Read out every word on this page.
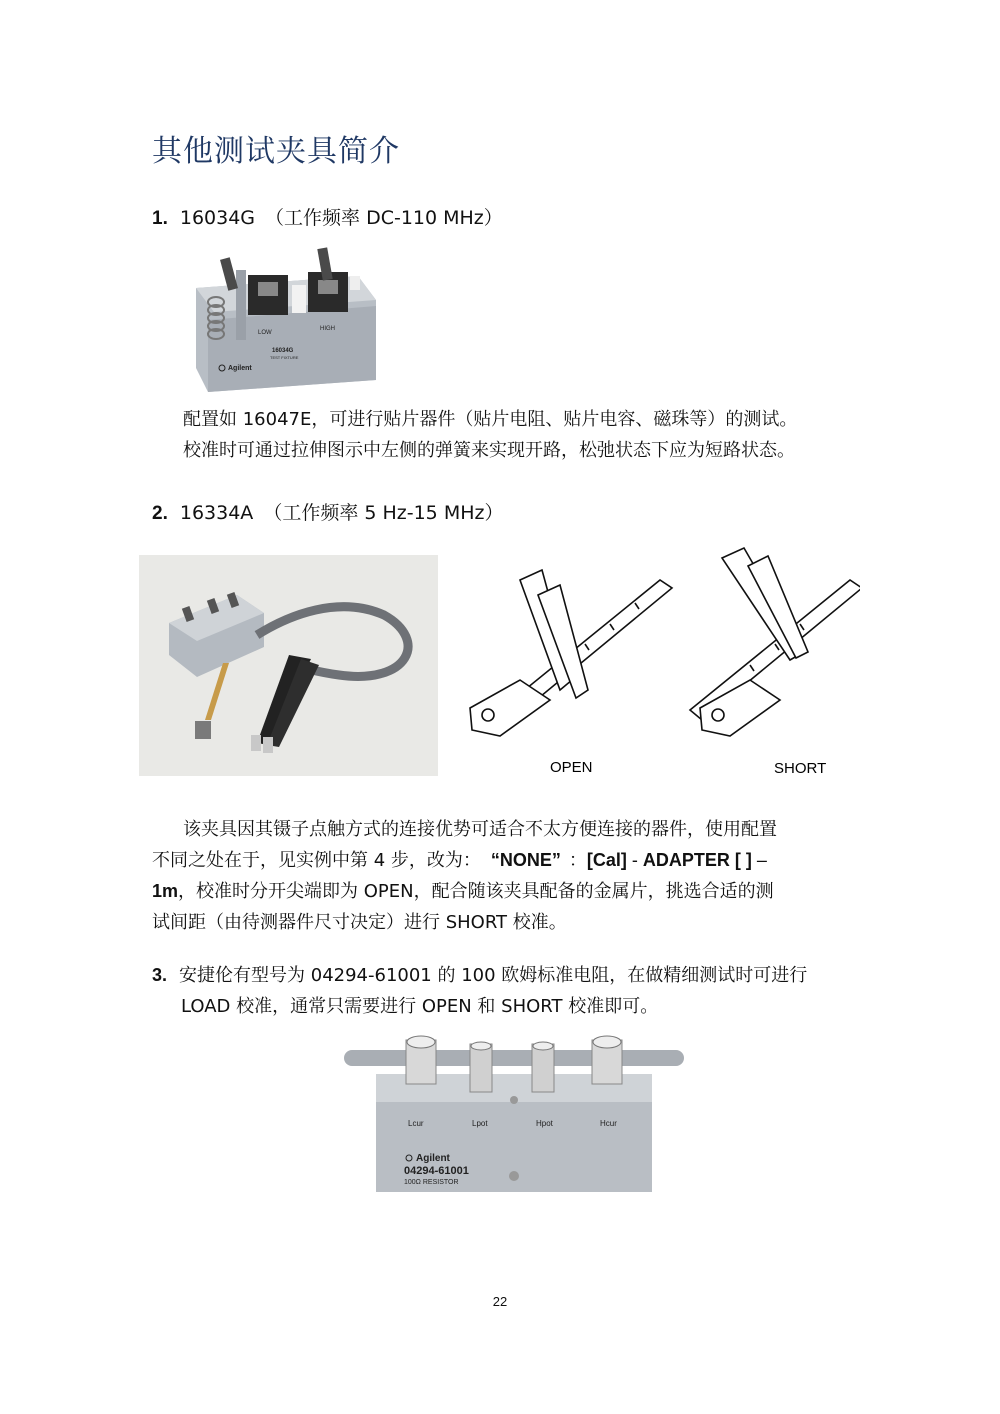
其他测试夹具简介
1. 16034G （工作频率 DC-110 MHz）
LOW
HIGH
16034G
TEST FIXTURE
Agilent
配置如 16047E，可进行贴片器件（贴片电阻、贴片电容、磁珠等）的测试。
校准时可通过拉伸图示中左侧的弹簧来实现开路，松弛状态下应为短路状态。
2. 16334A （工作频率 5 Hz-15 MHz）
OPEN	SHORT
该夹具因其镊子点触方式的连接优势可适合不太方便连接的器件，使用配置
不同之处在于，见实例中第 4 步，改为： “NONE” ：[Cal] - ADAPTER [ ] –
1m，校准时分开尖端即为 OPEN，配合随该夹具配备的金属片，挑选合适的测
试间距（由待测器件尺寸决定）进行 SHORT 校准。
3. 安捷伦有型号为 04294-61001 的 100 欧姆标准电阻，在做精细测试时可进行
LOAD 校准，通常只需要进行 OPEN 和 SHORT 校准即可。
Lcur	Lpot	Hpot	Hcur
Agilent
04294-61001
100Ω RESISTOR
22
